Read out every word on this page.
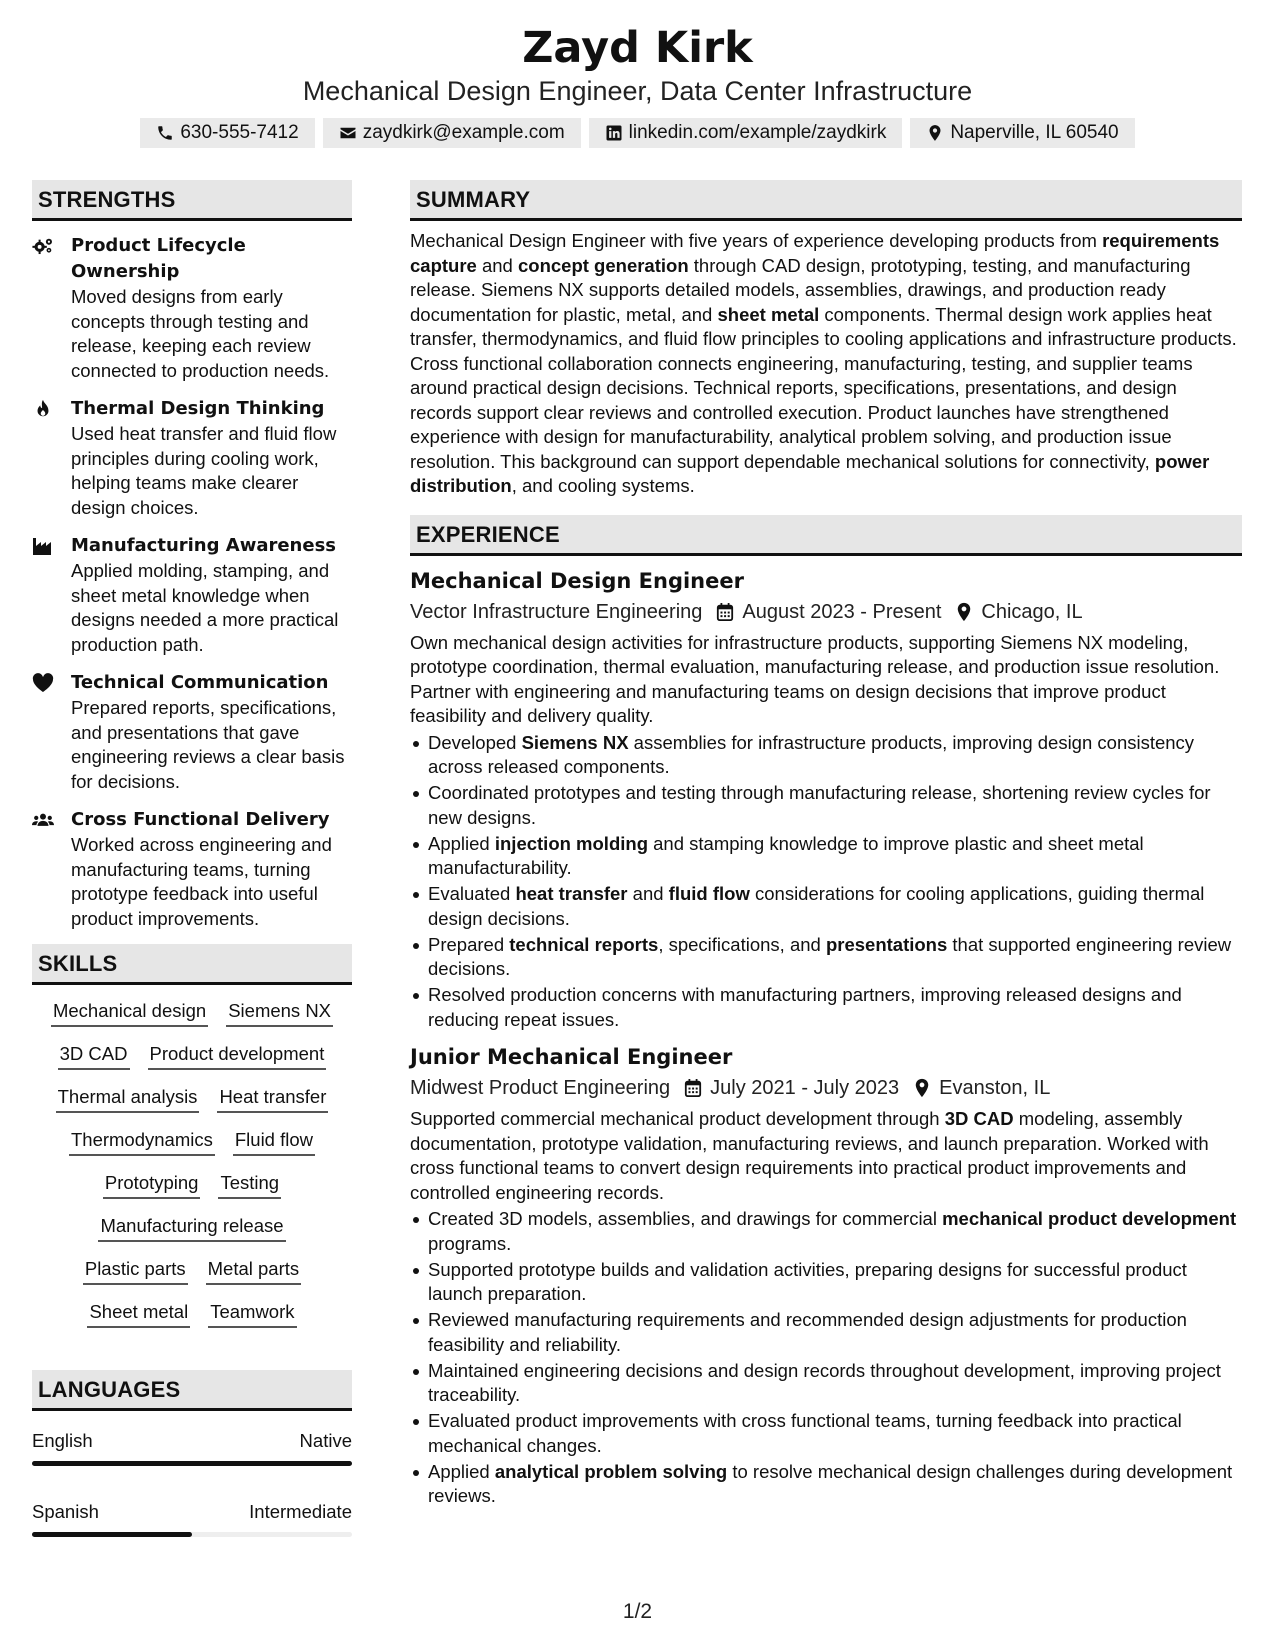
Zayd Kirk
Mechanical Design Engineer, Data Center Infrastructure
630-555-7412	zaydkirk@example.com	linkedin.com/example/zaydkirk	Naperville, IL 60540
STRENGTHS
Product Lifecycle Ownership
Moved designs from early concepts through testing and release, keeping each review connected to production needs.
Thermal Design Thinking
Used heat transfer and fluid flow principles during cooling work, helping teams make clearer design choices.
Manufacturing Awareness
Applied molding, stamping, and sheet metal knowledge when designs needed a more practical production path.
Technical Communication
Prepared reports, specifications, and presentations that gave engineering reviews a clear basis for decisions.
Cross Functional Delivery
Worked across engineering and manufacturing teams, turning prototype feedback into useful product improvements.
SKILLS
Mechanical design Siemens NX
3D CAD Product development
Thermal analysis Heat transfer
Thermodynamics Fluid flow
Prototyping Testing
Manufacturing release
Plastic parts Metal parts
Sheet metal Teamwork
LANGUAGES
English	Native
Spanish	Intermediate
SUMMARY
Mechanical Design Engineer with five years of experience developing products from requirements capture and concept generation through CAD design, prototyping, testing, and manufacturing release. Siemens NX supports detailed models, assemblies, drawings, and production ready documentation for plastic, metal, and sheet metal components. Thermal design work applies heat transfer, thermodynamics, and fluid flow principles to cooling applications and infrastructure products. Cross functional collaboration connects engineering, manufacturing, testing, and supplier teams around practical design decisions. Technical reports, specifications, presentations, and design records support clear reviews and controlled execution. Product launches have strengthened experience with design for manufacturability, analytical problem solving, and production issue resolution. This background can support dependable mechanical solutions for connectivity, power distribution, and cooling systems.
EXPERIENCE
Mechanical Design Engineer
Vector Infrastructure Engineering August 2023 - Present Chicago, IL
Own mechanical design activities for infrastructure products, supporting Siemens NX modeling, prototype coordination, thermal evaluation, manufacturing release, and production issue resolution. Partner with engineering and manufacturing teams on design decisions that improve product feasibility and delivery quality.
Developed Siemens NX assemblies for infrastructure products, improving design consistency across released components.
Coordinated prototypes and testing through manufacturing release, shortening review cycles for new designs.
Applied injection molding and stamping knowledge to improve plastic and sheet metal manufacturability.
Evaluated heat transfer and fluid flow considerations for cooling applications, guiding thermal design decisions.
Prepared technical reports, specifications, and presentations that supported engineering review decisions.
Resolved production concerns with manufacturing partners, improving released designs and reducing repeat issues.
Junior Mechanical Engineer
Midwest Product Engineering July 2021 - July 2023 Evanston, IL
Supported commercial mechanical product development through 3D CAD modeling, assembly documentation, prototype validation, manufacturing reviews, and launch preparation. Worked with cross functional teams to convert design requirements into practical product improvements and controlled engineering records.
Created 3D models, assemblies, and drawings for commercial mechanical product development programs.
Supported prototype builds and validation activities, preparing designs for successful product launch preparation.
Reviewed manufacturing requirements and recommended design adjustments for production feasibility and reliability.
Maintained engineering decisions and design records throughout development, improving project traceability.
Evaluated product improvements with cross functional teams, turning feedback into practical mechanical changes.
Applied analytical problem solving to resolve mechanical design challenges during development reviews.
1/2
